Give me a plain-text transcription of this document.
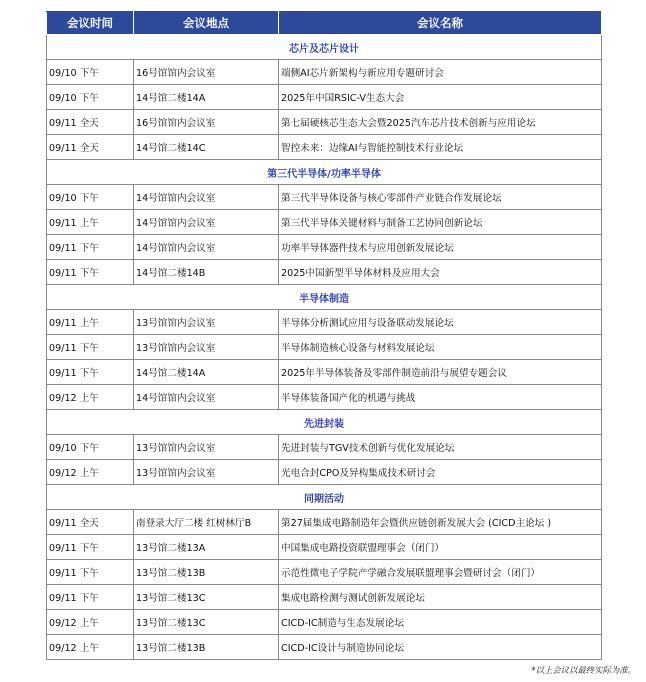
会议时间	会议地点	会议名称
芯片及芯片设计		
09/10 下午	16号馆馆内会议室	端侧AI芯片新架构与新应用专题研讨会
09/10 下午	14号馆二楼14A	2025年中国RSIC-V生态大会
09/11 全天	16号馆馆内会议室	第七届硬核芯生态大会暨2025汽车芯片技术创新与应用论坛
09/11 全天	14号馆二楼14C	智控未来：边缘AI与智能控制技术行业论坛
第三代半导体/功率半导体		
09/10 下午	14号馆馆内会议室	第三代半导体设备与核心零部件产业链合作发展论坛
09/11 上午	14号馆馆内会议室	第三代半导体关键材料与制备工艺协同创新论坛
09/11 下午	14号馆馆内会议室	功率半导体器件技术与应用创新发展论坛
09/11 下午	14号馆二楼14B	2025中国新型半导体材料及应用大会
半导体制造		
09/11 上午	13号馆馆内会议室	半导体分析测试应用与设备联动发展论坛
09/11 下午	13号馆馆内会议室	半导体制造核心设备与材料发展论坛
09/11 下午	14号馆二楼14A	2025年半导体装备及零部件制造前沿与展望专题会议
09/12 上午	14号馆馆内会议室	半导体装备国产化的机遇与挑战
先进封装		
09/10 下午	13号馆馆内会议室	先进封装与TGV技术创新与优化发展论坛
09/12 上午	13号馆馆内会议室	光电合封CPO及异构集成技术研讨会
同期活动		
09/11 全天	南登录大厅二楼 红树林厅B	第27届集成电路制造年会暨供应链创新发展大会 (CICD主论坛 )
09/11 下午	13号馆二楼13A	中国集成电路投资联盟理事会（闭门）
09/11 下午	13号馆二楼13B	示范性微电子学院产学融合发展联盟理事会暨研讨会（闭门）
09/11 下午	13号馆二楼13C	集成电路检测与测试创新发展论坛
09/12 上午	13号馆二楼13C	CICD-IC制造与生态发展论坛
09/12 上午	13号馆二楼13B	CICD-IC设计与制造协同论坛
*以上会议以最终实际为准。
